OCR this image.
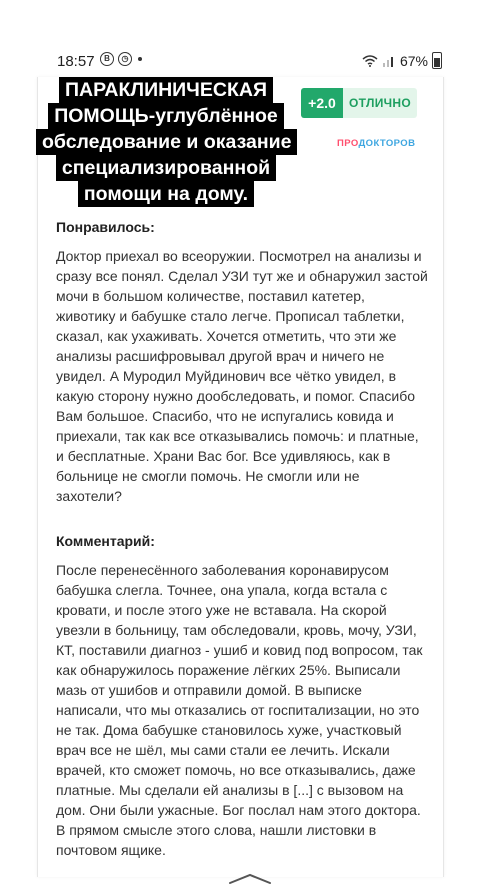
18:57	B	◷	67%
ПАРАКЛИНИЧЕСКАЯ
ПОМОЩЬ-углублённое
обследование и оказание
специализированной
помощи на дому.
+2.0	ОТЛИЧНО
ПРОДОКТОРОВ
Понравилось:
Доктор приехал во всеоружии. Посмотрел на анализы и сразу все понял. Сделал УЗИ тут же и обнаружил застой мочи в большом количестве, поставил катетер, животику и бабушке стало легче. Прописал таблетки, сказал, как ухаживать. Хочется отметить, что эти же анализы расшифровывал другой врач и ничего не увидел. А Муродил Муйдинович все чётко увидел, в какую сторону нужно дообследовать, и помог. Спасибо Вам большое. Спасибо, что не испугались ковида и приехали, так как все отказывались помочь: и платные, и бесплатные. Храни Вас бог. Все удивляюсь, как в больнице не смогли помочь. Не смогли или не захотели?
Комментарий:
После перенесённого заболевания коронавирусом бабушка слегла. Точнее, она упала, когда встала с кровати, и после этого уже не вставала. На скорой увезли в больницу, там обследовали, кровь, мочу, УЗИ, КТ, поставили диагноз - ушиб и ковид под вопросом, так как обнаружилось поражение лёгких 25%. Выписали мазь от ушибов и отправили домой. В выписке написали, что мы отказались от госпитализации, но это не так. Дома бабушке становилось хуже, участковый врач все не шёл, мы сами стали ее лечить. Искали врачей, кто сможет помочь, но все отказывались, даже платные. Мы сделали ей анализы в [...] с вызовом на дом. Они были ужасные. Бог послал нам этого доктора. В прямом смысле этого слова, нашли листовки в почтовом ящике.
